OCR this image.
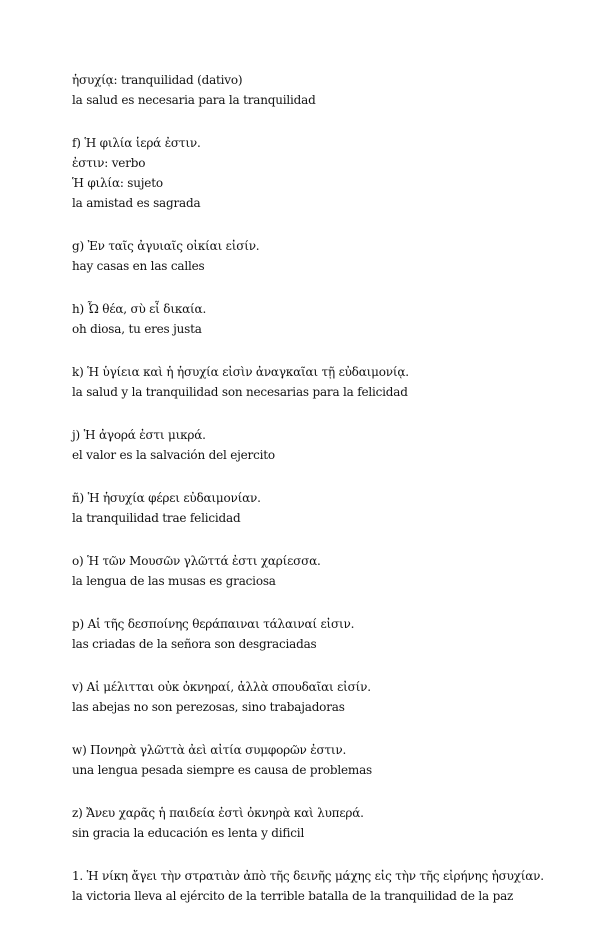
ἡσυχίᾳ: tranquilidad (dativo)
la salud es necesaria para la tranquilidad
f) Ἡ φιλία ἱερά ἐστιν.
ἐστιν: verbo
Ἡ φιλία: sujeto
la amistad es sagrada
g) Ἐν ταῖς ἀγυιαῖς οἰκίαι εἰσίν.
hay casas en las calles
h) Ὦ θέα, σὺ εἶ δικαία.
oh diosa, tu eres justa
k) Ἡ ὑγίεια καὶ ἡ ἡσυχία εἰσὶν ἀναγκαῖαι τῇ εὐδαιμονίᾳ.
la salud y la tranquilidad son necesarias para la felicidad
j) Ἡ ἀγορά ἐστι μικρά.
el valor es la salvación del ejercito
ñ) Ἡ ἡσυχία φέρει εὐδαιμονίαν.
la tranquilidad trae felicidad
o) Ἡ τῶν Μουσῶν γλῶττά ἐστι χαρίεσσα.
la lengua de las musas es graciosa
p) Αἱ τῆς δεσποίνης θεράπαιναι τάλαιναί εἰσιν.
las criadas de la señora son desgraciadas
v) Αἱ μέλιτται οὐκ ὀκνηραί, ἀλλὰ σπουδαῖαι εἰσίν.
las abejas no son perezosas, sino trabajadoras
w) Πονηρὰ γλῶττὰ ἀεὶ αἰτία συμφορῶν ἐστιν.
una lengua pesada siempre es causa de problemas
z) Ἄνευ χαρᾶς ἡ παιδεία ἐστὶ ὀκνηρὰ καὶ λυπερά.
sin gracia la educación es lenta y dificil
1. Ἡ νίκη ἄγει τὴν στρατιὰν ἀπὸ τῆς δεινῆς μάχης εἰς τὴν τῆς εἰρήνης ἡσυχίαν.
la victoria lleva al ejército de la terrible batalla de la tranquilidad de la paz
